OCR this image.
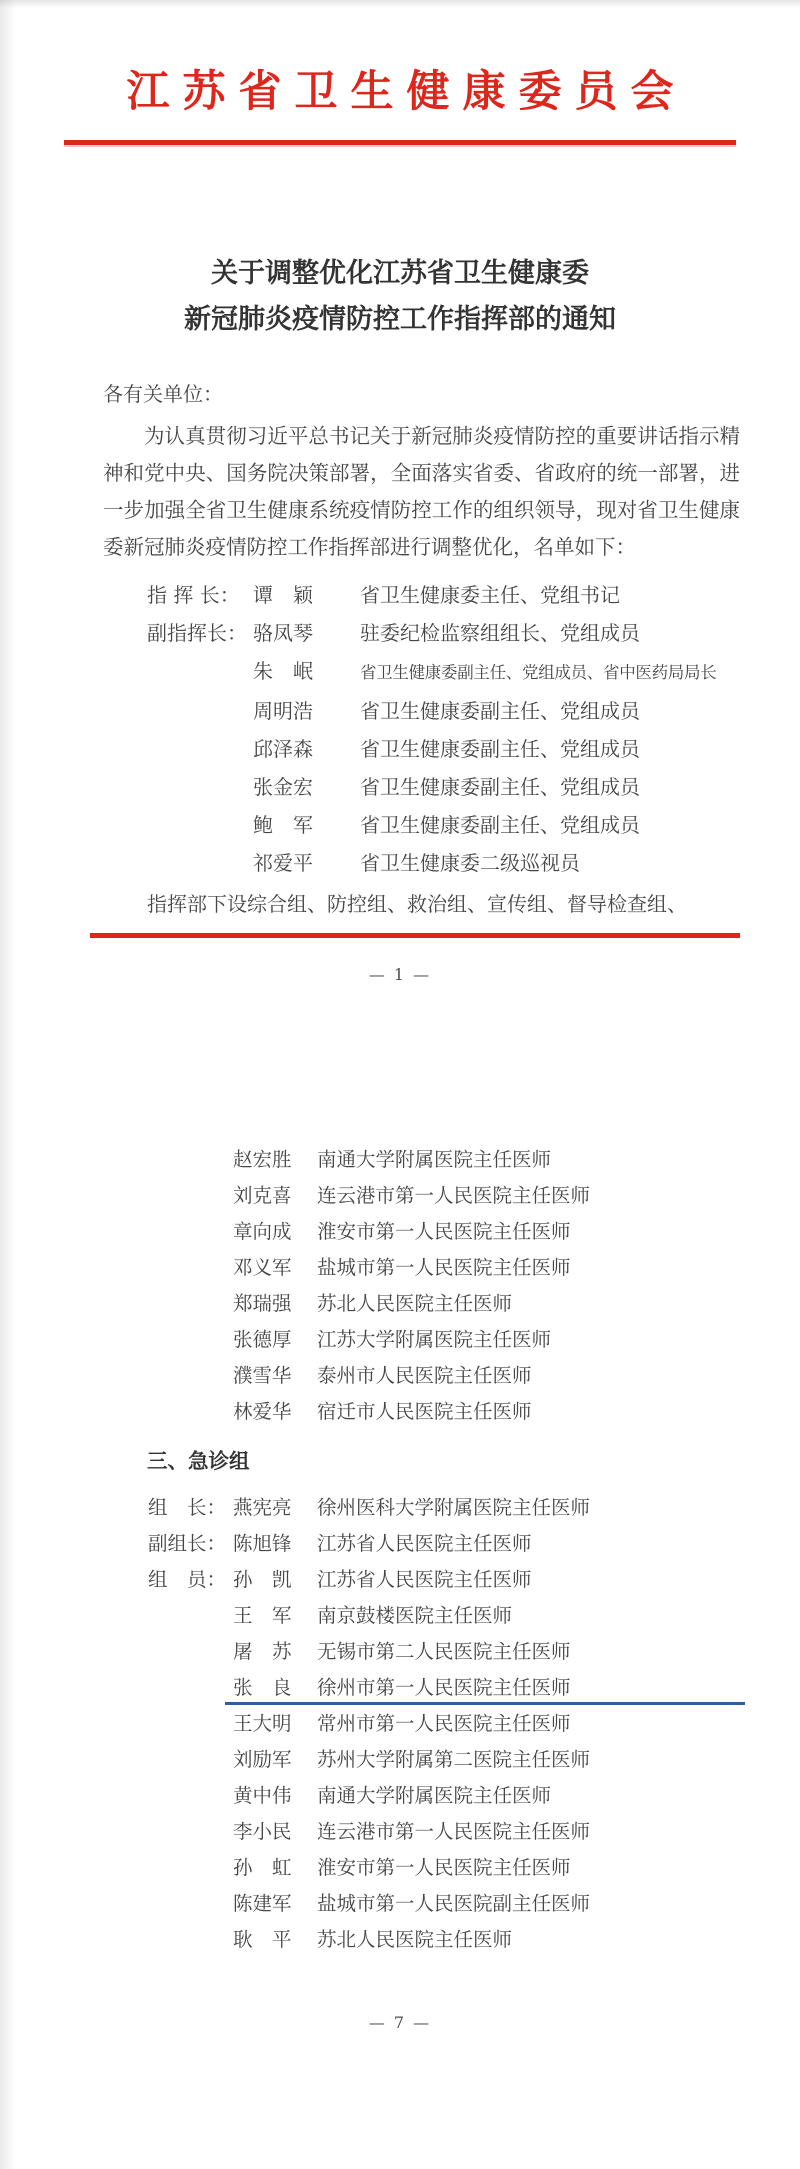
江苏省卫生健康委员会
关于调整优化江苏省卫生健康委
新冠肺炎疫情防控工作指挥部的通知
各有关单位：
为认真贯彻习近平总书记关于新冠肺炎疫情防控的重要讲话指示精神和党中央、国务院决策部署，全面落实省委、省政府的统一部署，进一步加强全省卫生健康系统疫情防控工作的组织领导，现对省卫生健康委新冠肺炎疫情防控工作指挥部进行调整优化，名单如下：
指 挥 长： 谭　颖	省卫生健康委主任、党组书记
副指挥长： 骆凤琴	驻委纪检监察组组长、党组成员
朱　岷	省卫生健康委副主任、党组成员、省中医药局局长
周明浩	省卫生健康委副主任、党组成员
邱泽森	省卫生健康委副主任、党组成员
张金宏	省卫生健康委副主任、党组成员
鲍　军	省卫生健康委副主任、党组成员
祁爱平	省卫生健康委二级巡视员
指挥部下设综合组、防控组、救治组、宣传组、督导检查组、
— 1 —
赵宏胜	南通大学附属医院主任医师
刘克喜	连云港市第一人民医院主任医师
章向成	淮安市第一人民医院主任医师
邓义军	盐城市第一人民医院主任医师
郑瑞强	苏北人民医院主任医师
张德厚	江苏大学附属医院主任医师
濮雪华	泰州市人民医院主任医师
林爱华	宿迁市人民医院主任医师
三、急诊组
组　长： 燕宪亮	徐州医科大学附属医院主任医师
副组长： 陈旭锋	江苏省人民医院主任医师
组　员： 孙　凯	江苏省人民医院主任医师
王　军	南京鼓楼医院主任医师
屠　苏	无锡市第二人民医院主任医师
张　良	徐州市第一人民医院主任医师
王大明	常州市第一人民医院主任医师
刘励军	苏州大学附属第二医院主任医师
黄中伟	南通大学附属医院主任医师
李小民	连云港市第一人民医院主任医师
孙　虹	淮安市第一人民医院主任医师
陈建军	盐城市第一人民医院副主任医师
耿　平	苏北人民医院主任医师
— 7 —
